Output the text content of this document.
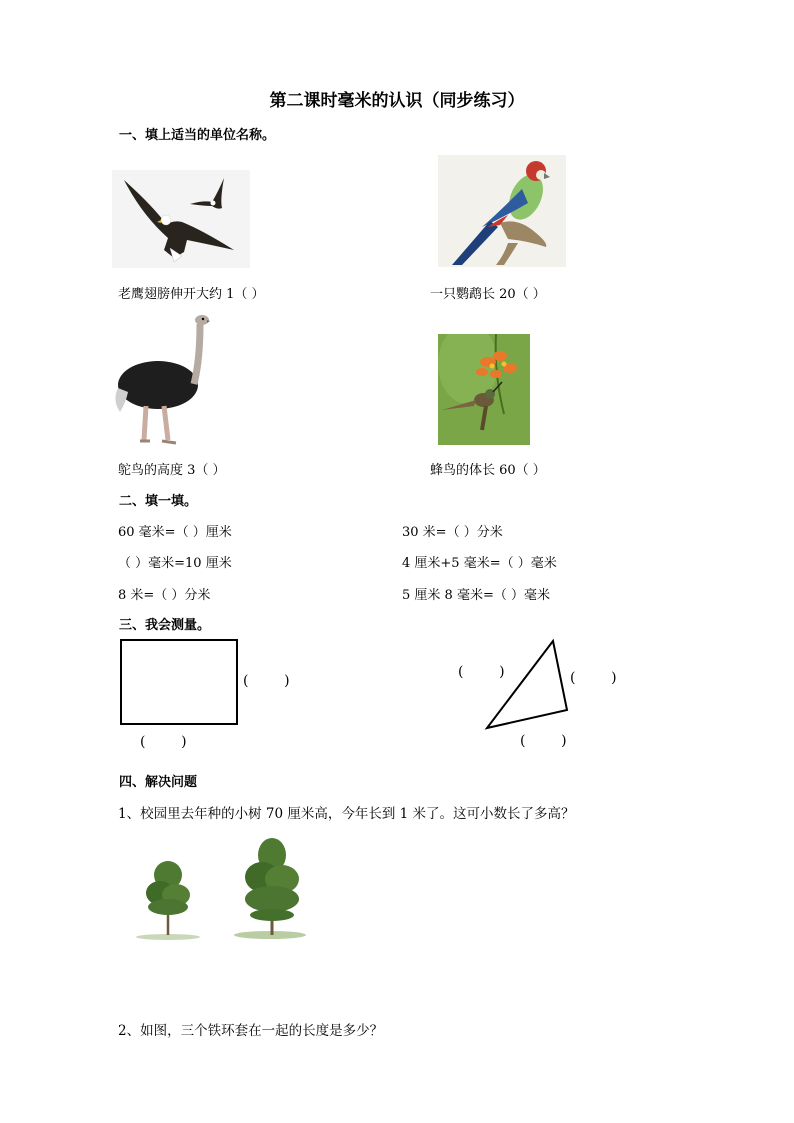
第二课时毫米的认识（同步练习）
一、填上适当的单位名称。
老鹰翅膀伸开大约 1（ ）	一只鹦鹉长 20（ ）
鸵鸟的高度 3（ ）	蜂鸟的体长 60（ ）
二、填一填。
60 毫米=（ ）厘米	30 米=（ ）分米
（ ）毫米=10 厘米	4 厘米+5 毫米=（ ）毫米
8 米=（ ）分米	5 厘米 8 毫米=（ ）毫米
三、我会测量。
(        )
(        )
(        )	(        )
(        )
四、解决问题
1、校园里去年种的小树 70 厘米高，今年长到 1 米了。这可小数长了多高？
2、如图，三个铁环套在一起的长度是多少？
